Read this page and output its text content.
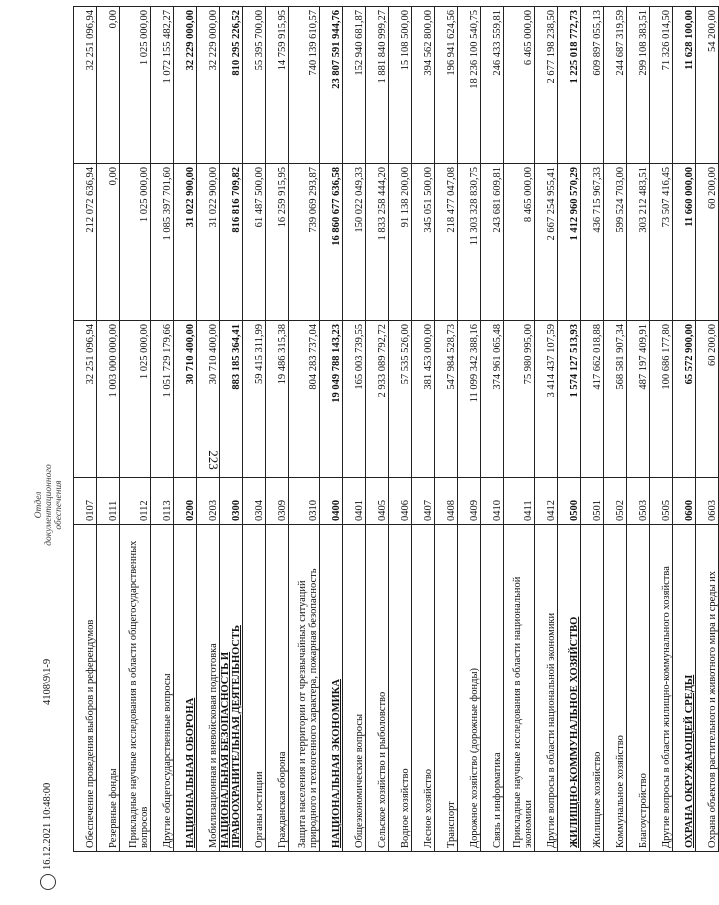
223
Обеспечение проведения выборов и референдумов	0107	32 251 096,94	212 072 636,94	32 251 096,94
Резервные фонды	0111	1 003 000 000,00	0,00	0,00
Прикладные научные исследования в области общегосударственных вопросов	0112	1 025 000,00	1 025 000,00	1 025 000,00
Другие общегосударственные вопросы	0113	1 051 729 179,66	1 085 397 701,60	1 072 155 482,27
НАЦИОНАЛЬНАЯ ОБОРОНА	0200	30 710 400,00	31 022 900,00	32 229 000,00
Мобилизационная и вневойсковая подготовка	0203	30 710 400,00	31 022 900,00	32 229 000,00
НАЦИОНАЛЬНАЯ БЕЗОПАСНОСТЬ И ПРАВООХРАНИТЕЛЬНАЯ ДЕЯТЕЛЬНОСТЬ	0300	883 185 364,41	816 816 709,82	810 295 226,52
Органы юстиции	0304	59 415 311,99	61 487 500,00	55 395 700,00
Гражданская оборона	0309	19 486 315,38	16 259 915,95	14 759 915,95
Защита населения и территории от чрезвычайных ситуаций природного и техногенного характера, пожарная безопасность	0310	804 283 737,04	739 069 293,87	740 139 610,57
НАЦИОНАЛЬНАЯ ЭКОНОМИКА	0400	19 049 788 143,23	16 860 677 636,58	23 807 591 944,76
Общеэкономические вопросы	0401	165 003 739,55	150 022 049,33	152 940 681,87
Сельское хозяйство и рыболовство	0405	2 933 089 792,72	1 833 258 444,20	1 881 840 999,27
Водное хозяйство	0406	57 535 526,00	91 138 200,00	15 108 500,00
Лесное хозяйство	0407	381 453 000,00	345 051 500,00	394 562 800,00
Транспорт	0408	547 984 528,73	218 477 047,08	196 941 624,56
Дорожное хозяйство (дорожные фонды)	0409	11 099 342 388,16	11 303 328 830,75	18 236 100 540,75
Связь и информатика	0410	374 961 065,48	243 681 609,81	246 433 559,81
Прикладные научные исследования в области национальной экономики	0411	75 980 995,00	8 465 000,00	6 465 000,00
Другие вопросы в области национальной экономики	0412	3 414 437 107,59	2 667 254 955,41	2 677 198 238,50
ЖИЛИЩНО-КОММУНАЛЬНОЕ ХОЗЯЙСТВО	0500	1 574 127 513,93	1 412 960 570,29	1 225 018 772,73
Жилищное хозяйство	0501	417 662 018,88	436 715 967,33	609 897 055,13
Коммунальное хозяйство	0502	568 581 907,34	599 524 703,00	244 687 319,59
Благоустройство	0503	487 197 409,91	303 212 483,51	299 108 383,51
Другие вопросы в области жилищно-коммунального хозяйства	0505	100 686 177,80	73 507 416,45	71 326 014,50
ОХРАНА ОКРУЖАЮЩЕЙ СРЕДЫ	0600	65 572 900,00	11 660 000,00	11 628 100,00
Охрана объектов растительного и животного мира и среды их	0603	60 200,00	60 200,00	54 200,00
16.12.2021 10:48:00
4108\9\1-9
Отдел документационного обеспечения
